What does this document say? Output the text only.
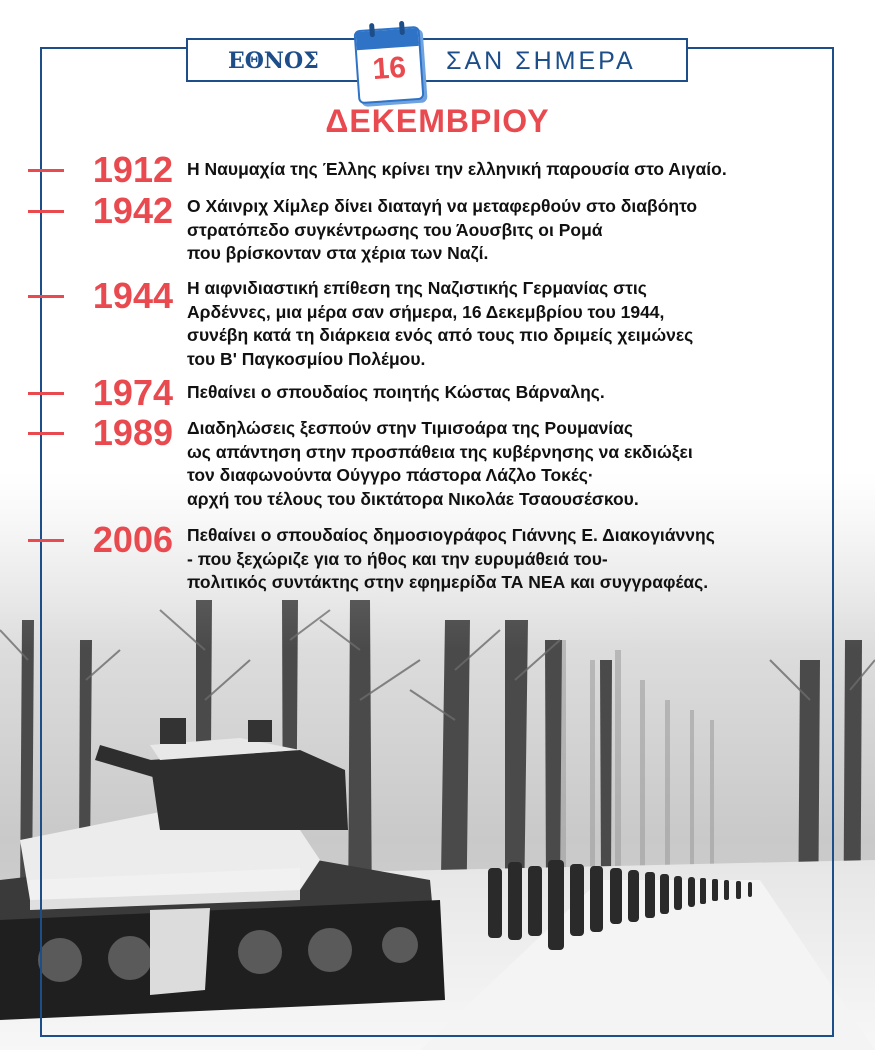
ΕΘΝΟΣ	ΣΑΝ ΣΗΜΕΡΑ
16
ΔΕΚΕΜΒΡΙΟΥ
1912 Η Ναυμαχία της Έλλης κρίνει την ελληνική παρουσία στο Αιγαίο.
1942 Ο Χάινριχ Χίμλερ δίνει διαταγή να μεταφερθούν στο διαβόητο
στρατόπεδο συγκέντρωσης του Άουσβιτς οι Ρομά
που βρίσκονταν στα χέρια των Ναζί.
1944 Η αιφνιδιαστική επίθεση της Ναζιστικής Γερμανίας στις
Αρδέννες, μια μέρα σαν σήμερα, 16 Δεκεμβρίου του 1944,
συνέβη κατά τη διάρκεια ενός από τους πιο δριμείς χειμώνες
του Β' Παγκοσμίου Πολέμου.
1974 Πεθαίνει ο σπουδαίος ποιητής Κώστας Βάρναλης.
1989 Διαδηλώσεις ξεσπούν στην Τιμισοάρα της Ρουμανίας
ως απάντηση στην προσπάθεια της κυβέρνησης να εκδιώξει
τον διαφωνούντα Ούγγρο πάστορα Λάζλο Τοκές·
αρχή του τέλους του δικτάτορα Νικολάε Τσαουσέσκου.
2006 Πεθαίνει ο σπουδαίος δημοσιογράφος Γιάννης Ε. Διακογιάννης
- που ξεχώριζε για το ήθος και την ευρυμάθειά του-
πολιτικός συντάκτης στην εφημερίδα ΤΑ ΝΕΑ και συγγραφέας.
